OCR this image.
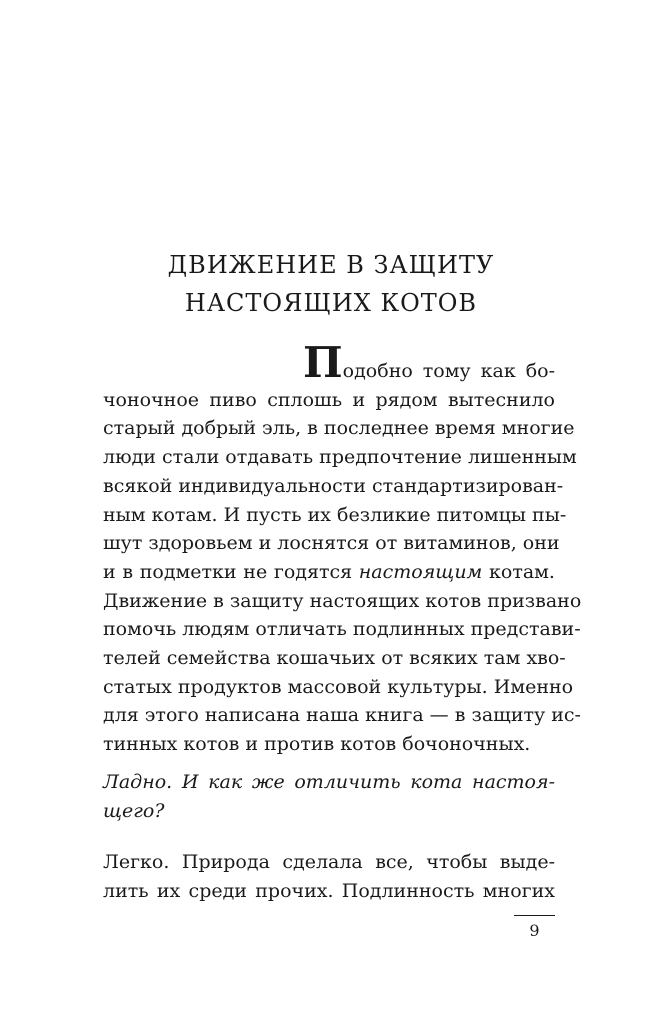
ДВИЖЕНИЕ В ЗАЩИТУ
НАСТОЯЩИХ КОТОВ
Подобно тому как бо-
чоночное пиво сплошь и рядом вытеснило
старый добрый эль, в последнее время многие
люди стали отдавать предпочтение лишенным
всякой индивидуальности стандартизирован-
ным котам. И пусть их безликие питомцы пы-
шут здоровьем и лоснятся от витаминов, они
и в подметки не годятся настоящим котам.
Движение в защиту настоящих котов призвано
помочь людям отличать подлинных представи-
телей семейства кошачьих от всяких там хво-
статых продуктов массовой культуры. Именно
для этого написана наша книга — в защиту ис-
тинных котов и против котов бочоночных.
Ладно. И как же отличить кота настоя-
щего?
Легко. Природа сделала все, чтобы выде-
лить их среди прочих. Подлинность многих
9
